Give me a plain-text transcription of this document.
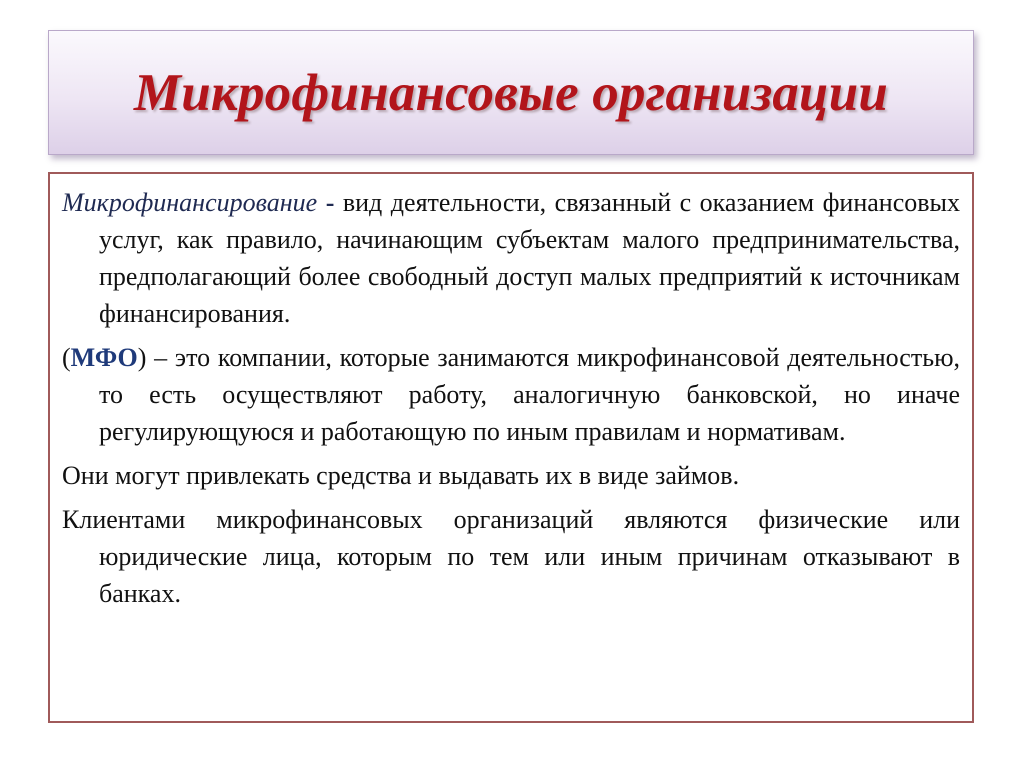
Микрофинансовые организации

Микрофинансирование - вид деятельности, связанный с оказанием финансовых услуг, как правило, начинающим субъектам малого предпринимательства, предполагающий более свободный доступ малых предприятий к источникам финансирования.

(МФО) – это компании, которые занимаются микрофинансовой деятельностью, то есть осуществляют работу, аналогичную банковской, но иначе регулирующуюся и работающую по иным правилам и нормативам.

Они могут привлекать средства и выдавать их в виде займов.

Клиентами микрофинансовых организаций являются физические или юридические лица, которым по тем или иным причинам отказывают в банках.
